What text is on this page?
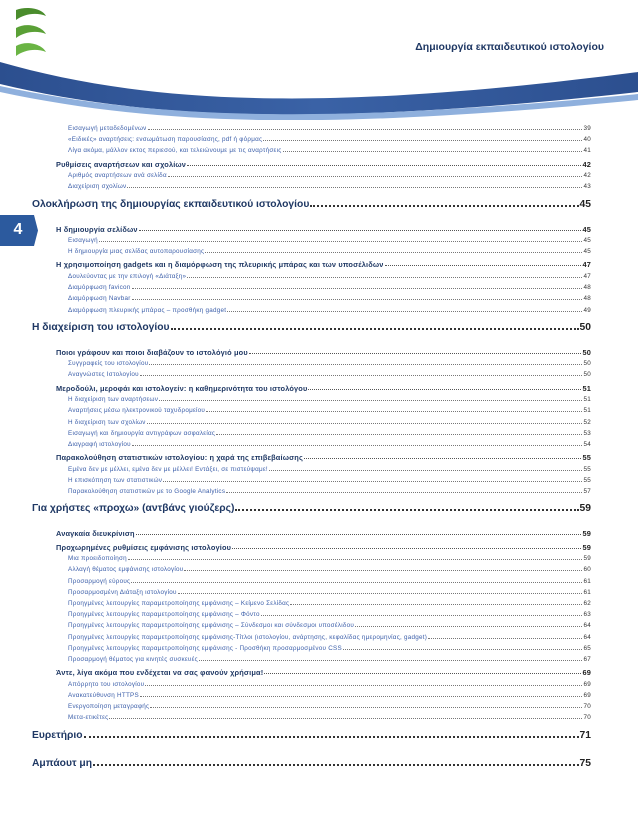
Δημιουργία εκπαιδευτικού ιστολογίου
4
Εισαγωγή μεταδεδομένων	39
«Ειδικές» αναρτήσεις: ενσωμάτωση παρουσίασης, pdf ή φόρμας	40
Λίγα ακόμα, μάλλον εκτος περιεσού, και τελειώνουμε με τις αναρτήσεις	41
Ρυθμίσεις αναρτήσεων και σχολίων	42
Αριθμός αναρτήσεων ανά σελίδα	42
Διαχείριση σχολίων	43
Ολοκλήρωση της δημιουργίας εκπαιδευτικού ιστολογίου	45
Η δημιουργία σελίδων	45
Εισαγωγή	45
Η δημιουργία μιας σελίδας αυτοπαρουσίασης	45
Η χρησιμοποίηση gadgets και η διαμόρφωση της πλευρικής μπάρας και των υποσέλιδων	47
Δουλεύοντας με την επιλογή «Διάταξη»	47
Διαμόρφωση favicon	48
Διαμόρφωση Navbar	48
Διαμόρφωση πλευρικής μπάρας – προσθήκη gadget	49
Η διαχείριση του ιστολογίου	50
Ποιοι γράφουν και ποιοι διαβάζουν το ιστολόγιό μου	50
Συγγραφείς του ιστολογίου	50
Αναγνώστες Ιστολογίου	50
Μεροδούλι, μεροφάι και ιστολογείν: η καθημερινότητα του ιστολόγου	51
Η διαχείριση των αναρτήσεων	51
Αναρτήσεις μέσω ηλεκτρονικού ταχυδρομείου	51
Η διαχείριση των σχολίων	52
Εισαγωγή και δημιουργία αντιγράφων ασφαλείας	53
Διαγραφή ιστολογίου	54
Παρακολούθηση στατιστικών ιστολογίου: η χαρά της επιβεβαίωσης	55
Εμένα δεν με μέλλει, εμένα δεν με μέλλει! Εντάξει, σε πιστεύψαμε!	55
Η επισκόπηση των στατιστικών	55
Παρακολούθηση στατιστικών με το Google Analytics	57
Για χρήστες «προχω» (αντβάνς γιούζερς)	59
Αναγκαία διευκρίνιση	59
Προχωρημένες ρυθμίσεις εμφάνισης ιστολογίου	59
Μια προειδοποίηση	59
Αλλαγή θέματος εμφάνισης ιστολογίου	60
Προσαρμογή εύρους	61
Προσαρμοσμένη Διάταξη ιστολογίου	61
Προηγμένες λειτουργίες παραμετροποίησης εμφάνισης – Κείμενο Σελίδας	62
Προηγμένες λειτουργίες παραμετροποίησης εμφάνισης – Φόντο	63
Προηγμένες λειτουργίες παραμετροποίησης εμφάνισης – Σύνδεσμοι και σύνδεσμοι υποσέλιδου	64
Προηγμένες λειτουργίες παραμετροποίησης εμφάνισης-Τίτλοι (ιστολογίου, ανάρτησης, κεφαλίδας ημερομηνίας, gadget)	64
Προηγμένες λειτουργίες παραμετροποίησης εμφάνισης - Προσθήκη προσαρμοσμένου CSS	65
Προσαρμογή θέματος για κινητές συσκευές	67
Άντε, λίγα ακόμα που ενδέχεται να σας φανούν χρήσιμα!	69
Απόρρητο του ιστολογίου	69
Ανακατεύθυνση HTTPS	69
Ενεργοποίηση μεταγραφής	70
Μετα-ετικέτες	70
Ευρετήριο	71
Αμπάουτ μη	75
